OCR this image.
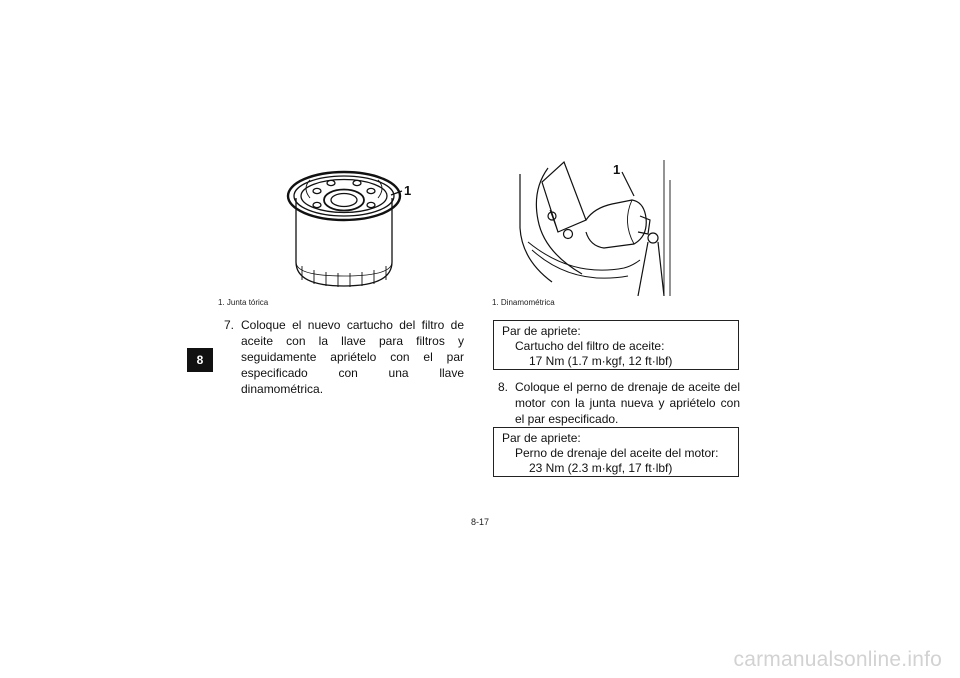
8
1
1. Junta tórica
1
1. Dinamométrica
7. Coloque el nuevo cartucho del filtro de aceite con la llave para filtros y seguidamente apriételo con el par especificado con una llave dinamométrica.
Par de apriete:
Cartucho del filtro de aceite:
17 Nm (1.7 m·kgf, 12 ft·lbf)
8. Coloque el perno de drenaje de aceite del motor con la junta nueva y apriételo con el par especificado.
Par de apriete:
Perno de drenaje del aceite del motor:
23 Nm (2.3 m·kgf, 17 ft·lbf)
8-17
carmanualsonline.info
